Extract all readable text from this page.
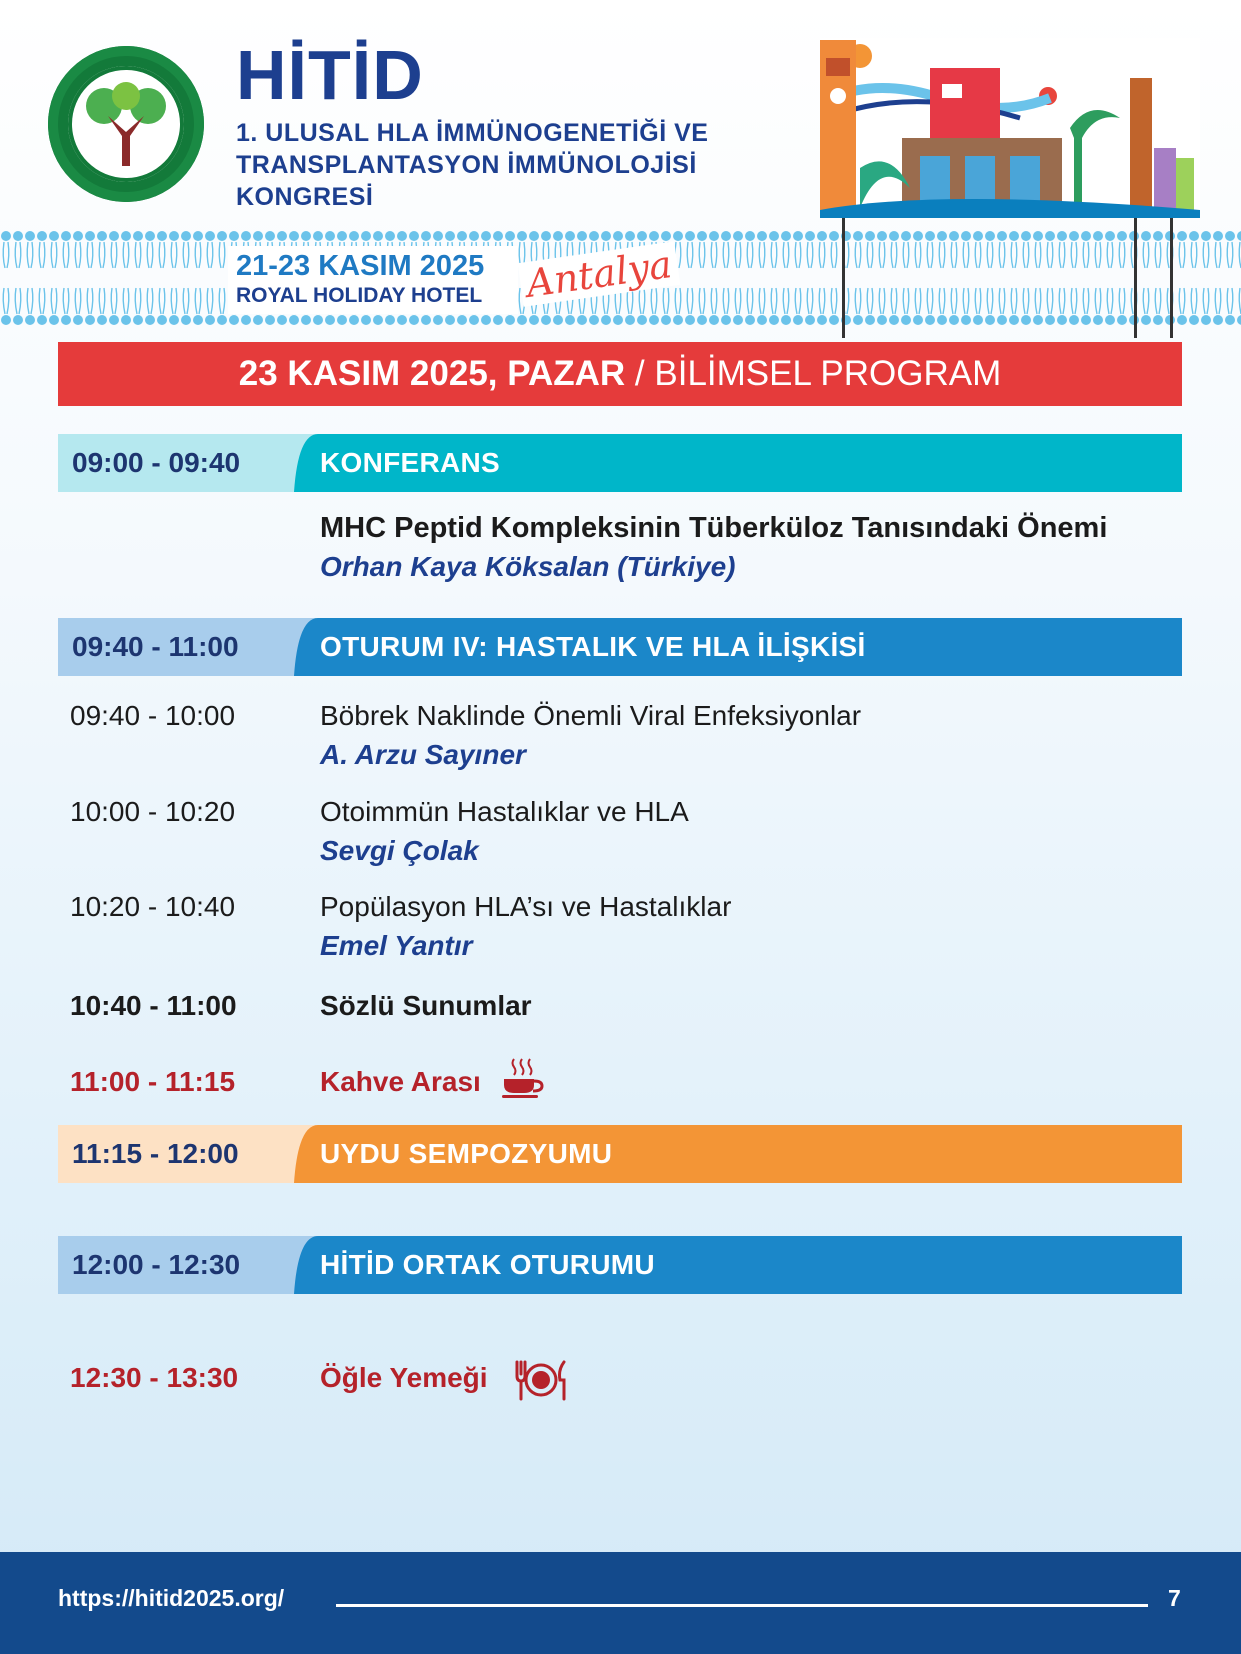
HİTİD
1. ULUSAL HLA İMMÜNOGENETİĞİ VE
TRANSPLANTASYON İMMÜNOLOJİSİ
KONGRESİ
21-23 KASIM 2025
ROYAL HOLIDAY HOTEL Antalya
23 KASIM 2025, PAZAR / BİLİMSEL PROGRAM
09:00 - 09:40	KONFERANS
MHC Peptid Kompleksinin Tüberküloz Tanısındaki Önemi
Orhan Kaya Köksalan (Türkiye)
09:40 - 11:00	OTURUM IV: HASTALIK VE HLA İLİŞKİSİ
09:40 - 10:00	Böbrek Naklinde Önemli Viral Enfeksiyonlar
A. Arzu Sayıner
10:00 - 10:20	Otoimmün Hastalıklar ve HLA
Sevgi Çolak
10:20 - 10:40	Popülasyon HLA’sı ve Hastalıklar
Emel Yantır
10:40 - 11:00	Sözlü Sunumlar
11:00 - 11:15	Kahve Arası
11:15 - 12:00	UYDU SEMPOZYUMU
12:00 - 12:30	HİTİD ORTAK OTURUMU
12:30 - 13:30	Öğle Yemeği
https://hitid2025.org/	7
